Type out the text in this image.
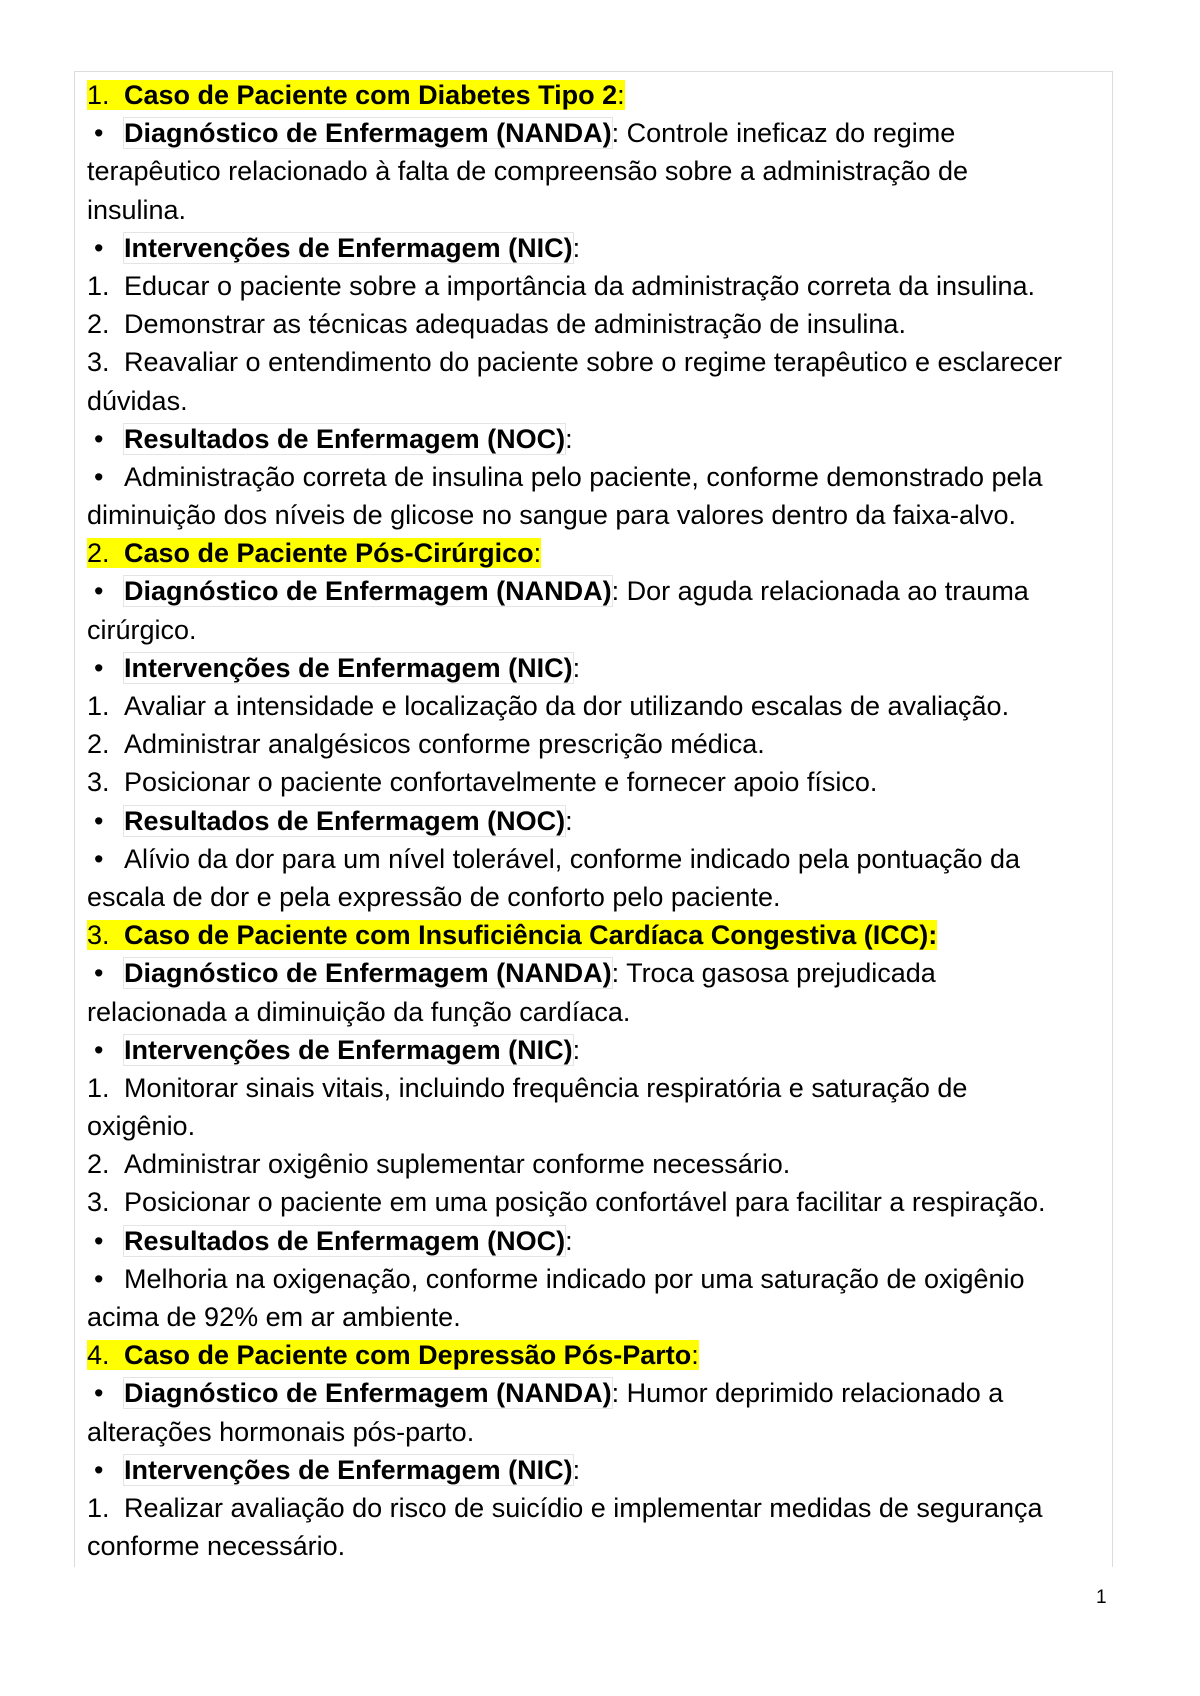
1. Caso de Paciente com Diabetes Tipo 2:
• Diagnóstico de Enfermagem (NANDA): Controle ineficaz do regime
terapêutico relacionado à falta de compreensão sobre a administração de
insulina.
• Intervenções de Enfermagem (NIC):
1. Educar o paciente sobre a importância da administração correta da insulina.
2. Demonstrar as técnicas adequadas de administração de insulina.
3. Reavaliar o entendimento do paciente sobre o regime terapêutico e esclarecer
dúvidas.
• Resultados de Enfermagem (NOC):
• Administração correta de insulina pelo paciente, conforme demonstrado pela
diminuição dos níveis de glicose no sangue para valores dentro da faixa-alvo.
2. Caso de Paciente Pós-Cirúrgico:
• Diagnóstico de Enfermagem (NANDA): Dor aguda relacionada ao trauma
cirúrgico.
• Intervenções de Enfermagem (NIC):
1. Avaliar a intensidade e localização da dor utilizando escalas de avaliação.
2. Administrar analgésicos conforme prescrição médica.
3. Posicionar o paciente confortavelmente e fornecer apoio físico.
• Resultados de Enfermagem (NOC):
• Alívio da dor para um nível tolerável, conforme indicado pela pontuação da
escala de dor e pela expressão de conforto pelo paciente.
3. Caso de Paciente com Insuficiência Cardíaca Congestiva (ICC):
• Diagnóstico de Enfermagem (NANDA): Troca gasosa prejudicada
relacionada a diminuição da função cardíaca.
• Intervenções de Enfermagem (NIC):
1. Monitorar sinais vitais, incluindo frequência respiratória e saturação de
oxigênio.
2. Administrar oxigênio suplementar conforme necessário.
3. Posicionar o paciente em uma posição confortável para facilitar a respiração.
• Resultados de Enfermagem (NOC):
• Melhoria na oxigenação, conforme indicado por uma saturação de oxigênio
acima de 92% em ar ambiente.
4. Caso de Paciente com Depressão Pós-Parto:
• Diagnóstico de Enfermagem (NANDA): Humor deprimido relacionado a
alterações hormonais pós-parto.
• Intervenções de Enfermagem (NIC):
1. Realizar avaliação do risco de suicídio e implementar medidas de segurança
conforme necessário.
1
